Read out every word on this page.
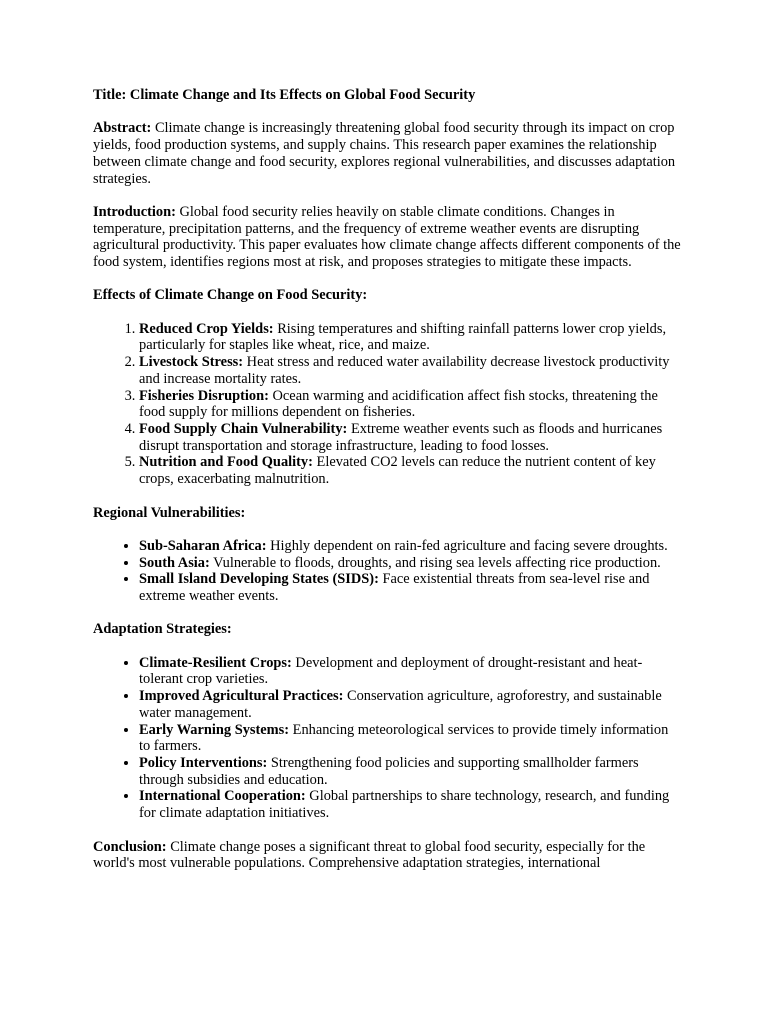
Title: Climate Change and Its Effects on Global Food Security

Abstract: Climate change is increasingly threatening global food security through its impact on crop yields, food production systems, and supply chains. This research paper examines the relationship between climate change and food security, explores regional vulnerabilities, and discusses adaptation strategies.

Introduction: Global food security relies heavily on stable climate conditions. Changes in temperature, precipitation patterns, and the frequency of extreme weather events are disrupting agricultural productivity. This paper evaluates how climate change affects different components of the food system, identifies regions most at risk, and proposes strategies to mitigate these impacts.

Effects of Climate Change on Food Security:

1. Reduced Crop Yields: Rising temperatures and shifting rainfall patterns lower crop yields, particularly for staples like wheat, rice, and maize.
2. Livestock Stress: Heat stress and reduced water availability decrease livestock productivity and increase mortality rates.
3. Fisheries Disruption: Ocean warming and acidification affect fish stocks, threatening the food supply for millions dependent on fisheries.
4. Food Supply Chain Vulnerability: Extreme weather events such as floods and hurricanes disrupt transportation and storage infrastructure, leading to food losses.
5. Nutrition and Food Quality: Elevated CO2 levels can reduce the nutrient content of key crops, exacerbating malnutrition.

Regional Vulnerabilities:

• Sub-Saharan Africa: Highly dependent on rain-fed agriculture and facing severe droughts.
• South Asia: Vulnerable to floods, droughts, and rising sea levels affecting rice production.
• Small Island Developing States (SIDS): Face existential threats from sea-level rise and extreme weather events.

Adaptation Strategies:

• Climate-Resilient Crops: Development and deployment of drought-resistant and heat-tolerant crop varieties.
• Improved Agricultural Practices: Conservation agriculture, agroforestry, and sustainable water management.
• Early Warning Systems: Enhancing meteorological services to provide timely information to farmers.
• Policy Interventions: Strengthening food policies and supporting smallholder farmers through subsidies and education.
• International Cooperation: Global partnerships to share technology, research, and funding for climate adaptation initiatives.

Conclusion: Climate change poses a significant threat to global food security, especially for the world's most vulnerable populations. Comprehensive adaptation strategies, international
